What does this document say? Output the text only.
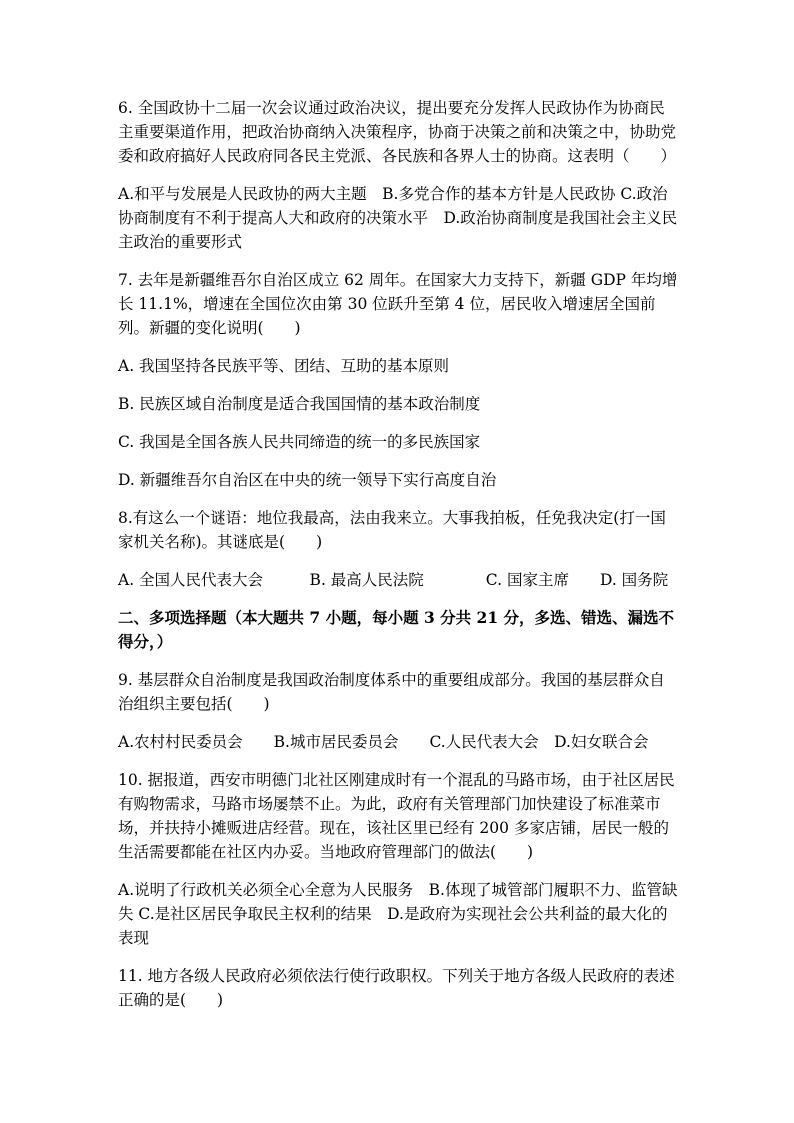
6. 全国政协十二届一次会议通过政治决议，提出要充分发挥人民政协作为协商民主重要渠道作用，把政治协商纳入决策程序，协商于决策之前和决策之中，协助党委和政府搞好人民政府同各民主党派、各民族和各界人士的协商。这表明（　　）

A.和平与发展是人民政协的两大主题　B.多党合作的基本方针是人民政协 C.政治协商制度有不利于提高人大和政府的决策水平　D.政治协商制度是我国社会主义民主政治的重要形式

7. 去年是新疆维吾尔自治区成立 62 周年。在国家大力支持下，新疆 GDP 年均增长 11.1%，增速在全国位次由第 30 位跃升至第 4 位，居民收入增速居全国前列。新疆的变化说明(　　)

A. 我国坚持各民族平等、团结、互助的基本原则

B. 民族区域自治制度是适合我国国情的基本政治制度

C. 我国是全国各族人民共同缔造的统一的多民族国家

D. 新疆维吾尔自治区在中央的统一领导下实行高度自治

8.有这么一个谜语：地位我最高，法由我来立。大事我拍板，任免我决定(打一国家机关名称)。其谜底是(　　)

A. 全国人民代表大会　　　B. 最高人民法院　　　　C. 国家主席　　D. 国务院

二、多项选择题（本大题共 7 小题，每小题 3 分共 21 分，多选、错选、漏选不得分，）

9. 基层群众自治制度是我国政治制度体系中的重要组成部分。我国的基层群众自治组织主要包括(　　)

A.农村村民委员会　　B.城市居民委员会　　C.人民代表大会　D.妇女联合会

10. 据报道，西安市明德门北社区刚建成时有一个混乱的马路市场，由于社区居民有购物需求，马路市场屡禁不止。为此，政府有关管理部门加快建设了标准菜市场，并扶持小摊贩进店经营。现在，该社区里已经有 200 多家店铺，居民一般的生活需要都能在社区内办妥。当地政府管理部门的做法(　　)

A.说明了行政机关必须全心全意为人民服务　B.体现了城管部门履职不力、监管缺失 C.是社区居民争取民主权利的结果　D.是政府为实现社会公共利益的最大化的表现

11. 地方各级人民政府必须依法行使行政职权。下列关于地方各级人民政府的表述正确的是(　　)
